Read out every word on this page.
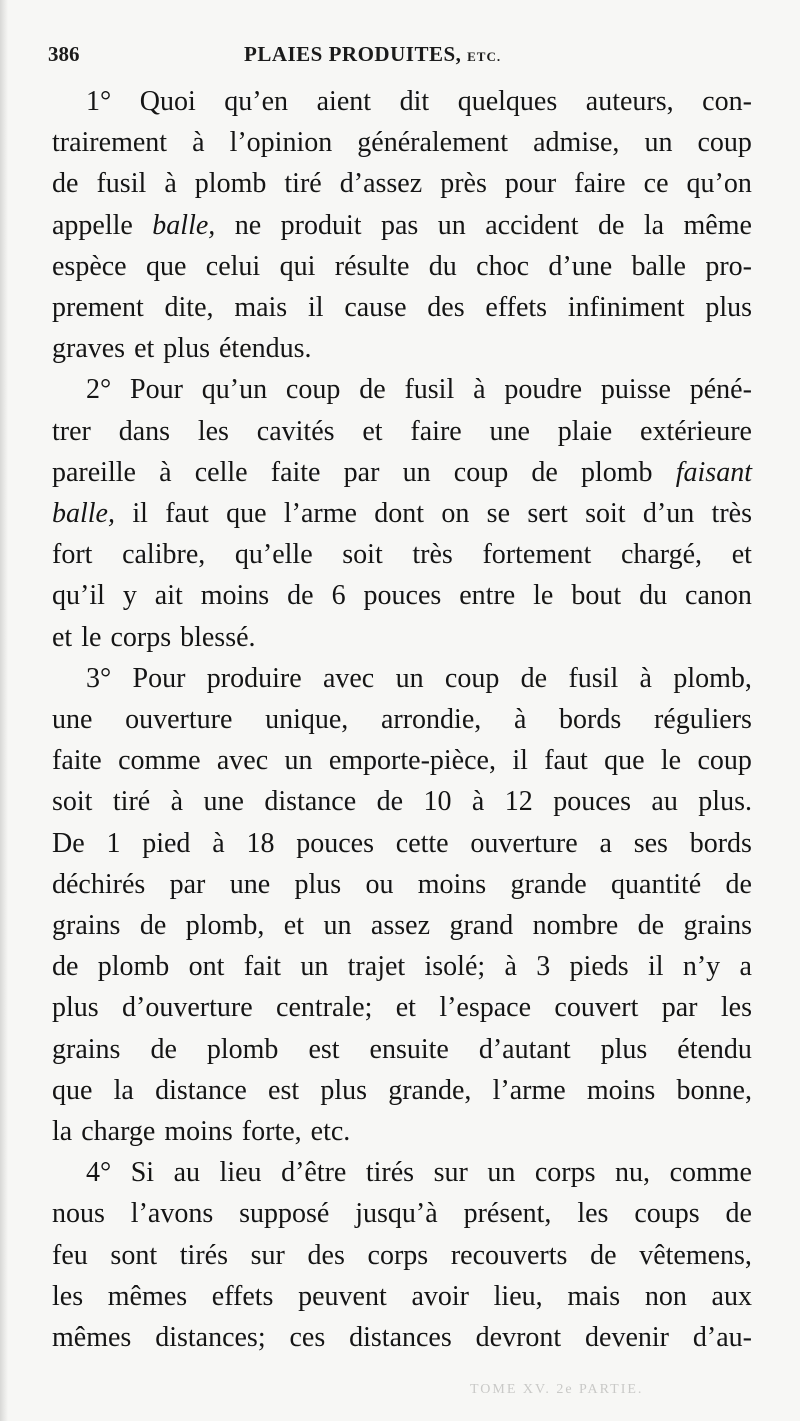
386	PLAIES PRODUITES, ETC.
1° Quoi qu’en aient dit quelques auteurs, con-
trairement à l’opinion généralement admise, un coup
de fusil à plomb tiré d’assez près pour faire ce qu’on
appelle balle, ne produit pas un accident de la même
espèce que celui qui résulte du choc d’une balle pro-
prement dite, mais il cause des effets infiniment plus
graves et plus étendus.
2° Pour qu’un coup de fusil à poudre puisse péné-
trer dans les cavités et faire une plaie extérieure
pareille à celle faite par un coup de plomb faisant
balle, il faut que l’arme dont on se sert soit d’un très
fort calibre, qu’elle soit très fortement chargé, et
qu’il y ait moins de 6 pouces entre le bout du canon
et le corps blessé.
3° Pour produire avec un coup de fusil à plomb,
une ouverture unique, arrondie, à bords réguliers
faite comme avec un emporte-pièce, il faut que le coup
soit tiré à une distance de 10 à 12 pouces au plus.
De 1 pied à 18 pouces cette ouverture a ses bords
déchirés par une plus ou moins grande quantité de
grains de plomb, et un assez grand nombre de grains
de plomb ont fait un trajet isolé; à 3 pieds il n’y a
plus d’ouverture centrale; et l’espace couvert par les
grains de plomb est ensuite d’autant plus étendu
que la distance est plus grande, l’arme moins bonne,
la charge moins forte, etc.
4° Si au lieu d’être tirés sur un corps nu, comme
nous l’avons supposé jusqu’à présent, les coups de
feu sont tirés sur des corps recouverts de vêtemens,
les mêmes effets peuvent avoir lieu, mais non aux
mêmes distances; ces distances devront devenir d’au-
TOME XV. 2e PARTIE.
